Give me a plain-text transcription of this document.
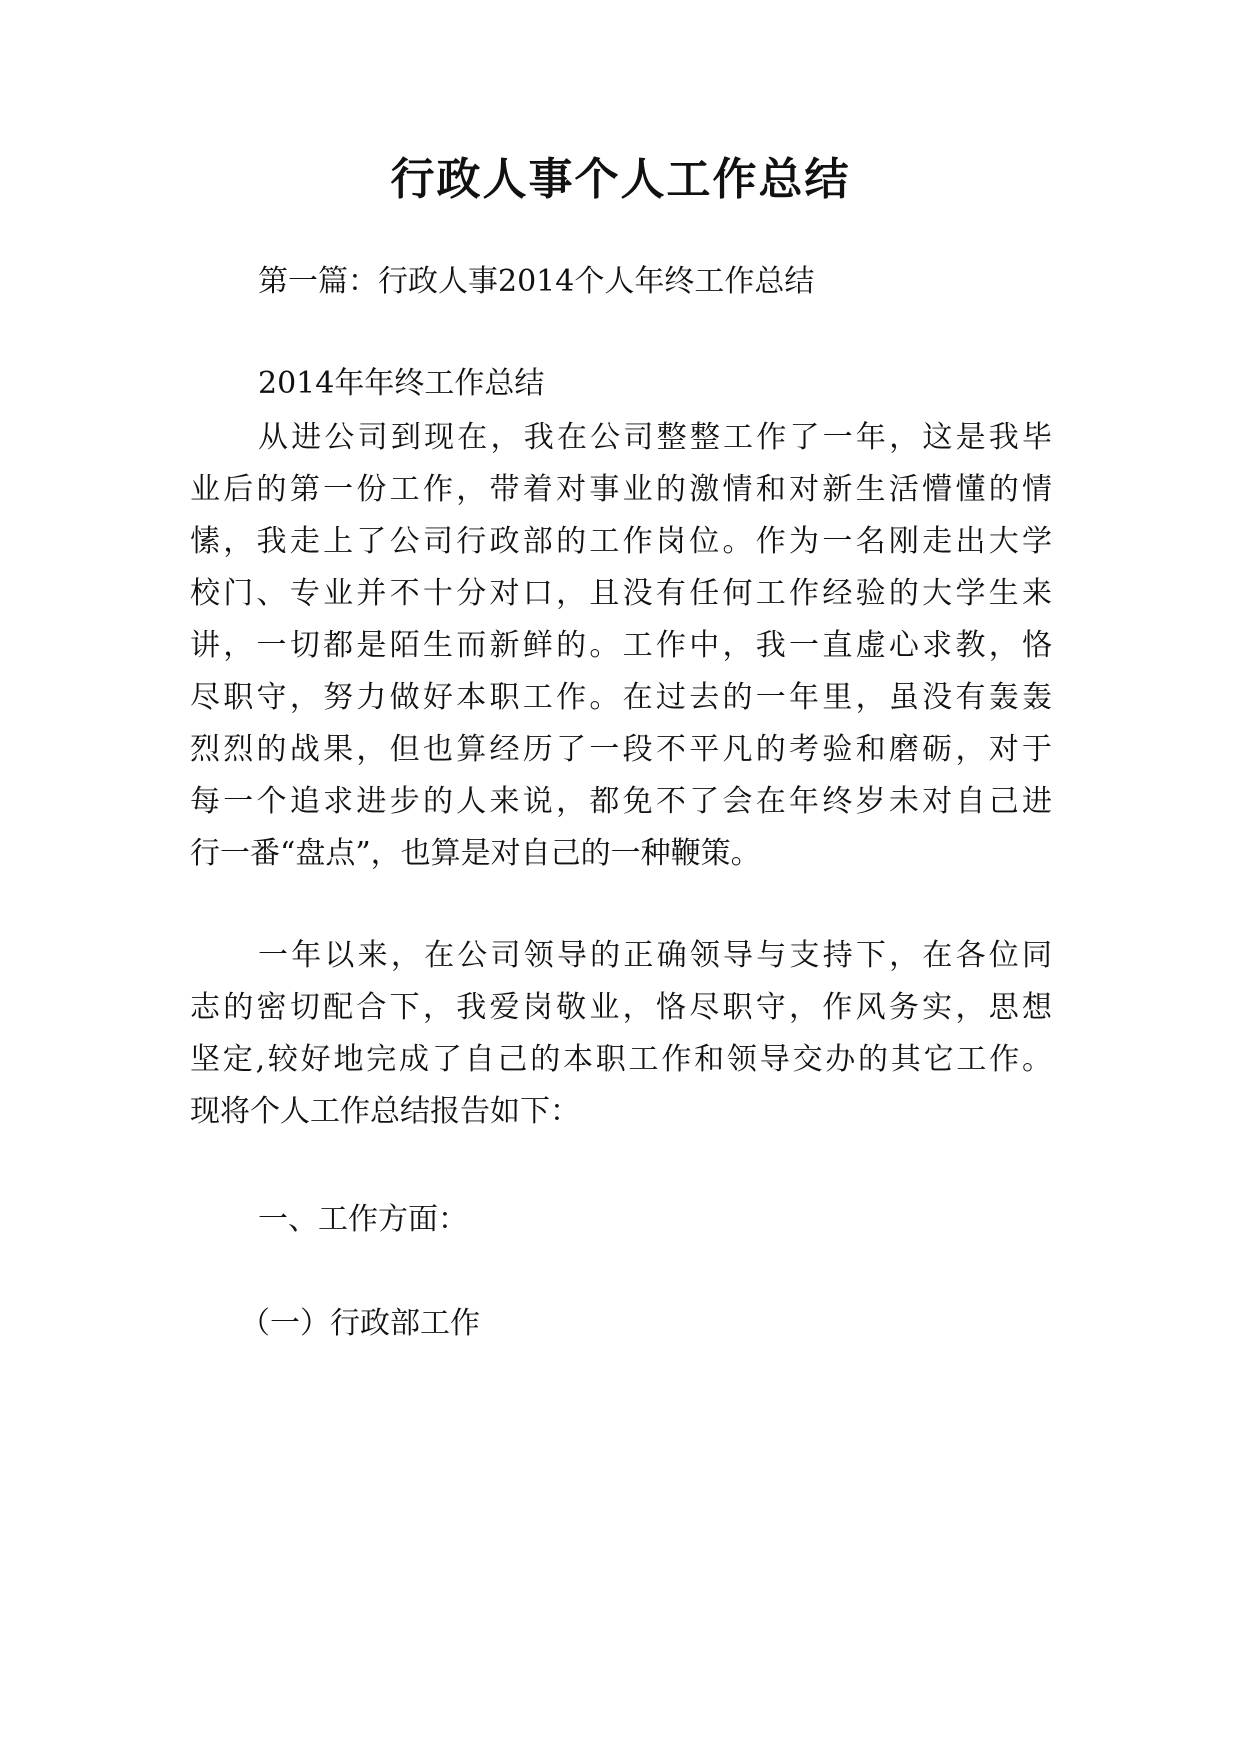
行政人事个人工作总结

第一篇：行政人事2014个人年终工作总结

2014年年终工作总结

从进公司到现在，我在公司整整工作了一年，这是我毕

业后的第一份工作，带着对事业的激情和对新生活懵懂的情

愫，我走上了公司行政部的工作岗位。作为一名刚走出大学

校门、专业并不十分对口，且没有任何工作经验的大学生来

讲，一切都是陌生而新鲜的。工作中，我一直虚心求教，恪

尽职守，努力做好本职工作。在过去的一年里，虽没有轰轰

烈烈的战果，但也算经历了一段不平凡的考验和磨砺，对于

每一个追求进步的人来说，都免不了会在年终岁未对自己进

行一番“盘点”，也算是对自己的一种鞭策。

一年以来，在公司领导的正确领导与支持下，在各位同

志的密切配合下，我爱岗敬业，恪尽职守，作风务实，思想

坚定,较好地完成了自己的本职工作和领导交办的其它工作。

现将个人工作总结报告如下：

一、工作方面：

（一）行政部工作
